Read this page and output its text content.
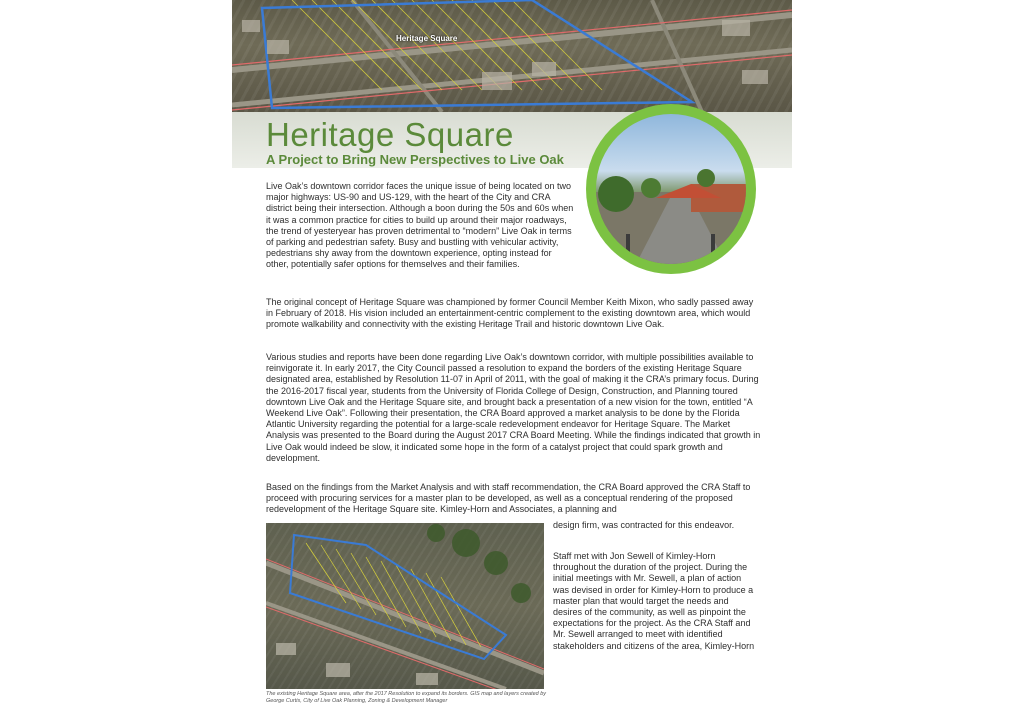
Heritage Square
Heritage Square
A Project to Bring New Perspectives to Live Oak

Live Oak’s downtown corridor faces the unique issue of being located on two major highways: US-90 and US-129, with the heart of the City and CRA district being their intersection. Although a boon during the 50s and 60s when it was a common practice for cities to build up around their major roadways, the trend of yesteryear has proven detrimental to “modern” Live Oak in terms of parking and pedestrian safety. Busy and bustling with vehicular activity, pedestrians shy away from the downtown experience, opting instead for other, potentially safer options for themselves and their families.

The original concept of Heritage Square was championed by former Council Member Keith Mixon, who sadly passed away in February of 2018. His vision included an entertainment-centric complement to the existing downtown area, which would promote walkability and connectivity with the existing Heritage Trail and historic downtown Live Oak.

Various studies and reports have been done regarding Live Oak’s downtown corridor, with multiple possibilities available to reinvigorate it. In early 2017, the City Council passed a resolution to expand the borders of the existing Heritage Square designated area, established by Resolution 11-07 in April of 2011, with the goal of making it the CRA’s primary focus. During the 2016-2017 fiscal year, students from the University of Florida College of Design, Construction, and Planning toured downtown Live Oak and the Heritage Square site, and brought back a presentation of a new vision for the town, entitled “A Weekend Live Oak”. Following their presentation, the CRA Board approved a market analysis to be done by the Florida Atlantic University regarding the potential for a large-scale redevelopment endeavor for Heritage Square. The Market Analysis was presented to the Board during the August 2017 CRA Board Meeting. While the findings indicated that growth in Live Oak would indeed be slow, it indicated some hope in the form of a catalyst project that could spark growth and development.

Based on the findings from the Market Analysis and with staff recommendation, the CRA Board approved the CRA Staff to proceed with procuring services for a master plan to be developed, as well as a conceptual rendering of the proposed redevelopment of the Heritage Square site. Kimley-Horn and Associates, a planning and

design firm, was contracted for this endeavor.

Staff met with Jon Sewell of Kimley-Horn throughout the duration of the project. During the initial meetings with Mr. Sewell, a plan of action was devised in order for Kimley-Horn to produce a master plan that would target the needs and desires of the community, as well as pinpoint the expectations for the project. As the CRA Staff and Mr. Sewell arranged to meet with identified stakeholders and citizens of the area, Kimley-Horn

The existing Heritage Square area, after the 2017 Resolution to expand its borders. GIS map and layers created by George Curtis, City of Live Oak Planning, Zoning & Development Manager
